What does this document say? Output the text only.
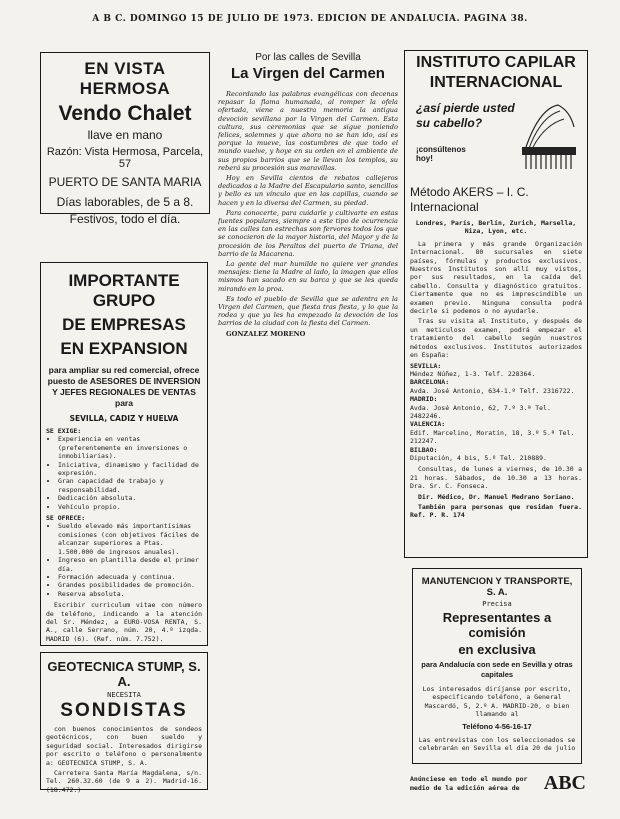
A B C. DOMINGO 15 DE JULIO DE 1973. EDICION DE ANDALUCIA. PAGINA 38.
EN VISTA HERMOSA
Vendo Chalet
llave en mano
Razón: Vista Hermosa, Parcela, 57
PUERTO DE SANTA MARIA
Días laborables, de 5 a 8.
Festivos, todo el día.
IMPORTANTE GRUPO
DE EMPRESAS
EN EXPANSION
para ampliar su red comercial, ofrece puesto de ASESORES DE INVERSION Y JEFES REGIONALES DE VENTAS para
SEVILLA, CADIZ Y HUELVA
SE EXIGE:
• Experiencia en ventas (preferentemente en inversiones o inmobiliarias).
• Iniciativa, dinamismo y facilidad de expresión.
• Gran capacidad de trabajo y responsabilidad.
• Dedicación absoluta.
• Vehículo propio.
SE OFRECE:
• Sueldo elevado más importantísimas comisiones (con objetivos fáciles de alcanzar superiores a Ptas. 1.500.000 de ingresos anuales).
• Ingreso en plantilla desde el primer día.
• Formación adecuada y continua.
• Grandes posibilidades de promoción.
• Reserva absoluta.

Escribir curriculum vitae con número de teléfono, indicando a la atención del Sr. Méndez, a EURO-VOSA RENTA, S. A., calle Serrano, núm. 20, 4.º izqda. MADRID (6). (Ref. núm. 7.752).

GEOTECNICA STUMP, S. A.
NECESITA
SONDISTAS

con buenos conocimientos de sondeos geotécnicos, con buen sueldo y seguridad social. Interesados dirigirse por escrito o teléfono o personalmente a: GEOTECNICA STUMP, S. A.

Carretera Santa María Magdalena, s/n. Tel. 260.32.60 (de 9 a 2). Madrid-16. (18.472.)

Por las calles de Sevilla
La Virgen del Carmen

Recordando las palabras evangélicas con decenas repasar la flama humanada, al romper la ofela ofertada, viene a nuestra memoria la antigua devoción sevillana por la Virgen del Carmen. Esta cultura, sus ceremonias que se sigue poniendo felices, solemnes y que ahora no se han ido, así es porque la mueve, las costumbres de que todo el mundo vuelve, y hoye en su orden en el ambiente de sus propios barrios que se le llevan los templos, su reberá su procesión sus maravillas.

Hoy en Sevilla cientos de rebatos callejeros dedicados a la Madre del Escapulario santo, sencillos y bello es un vínculo que en las capillas, cuando se hacen y en la diversa del Carmen, su piedad.

Para conocerte, para cuidarle y cultivarte en estas fuentes populares, siempre a este tipo de ocurrencia en las calles tan estrechas son fervores todos los que se conocieron de la mayor historia, del Mayor y de la procesión de los Peraltos del puerto de Triana, del barrio de la Macarena.

La gente del mar humilde no quiere ver grandes mensajes: tiene la Madre al lado, la imagen que ellos mismos han sacado en su barca y que se les queda mirando en la proa.

Es todo el pueblo de Sevilla que se adentra en la Virgen del Carmen, que fiesta tras fiesta, y lo que la rodea y que ya les ha empezado la devoción de los barrios de la ciudad con la fiesta del Carmen.

GONZALEZ MORENO

INSTITUTO CAPILAR INTERNACIONAL
¿así pierde usted su cabello?
¡consúltenos hoy!
Método AKERS – I. C. Internacional
Londres, París, Berlín, Zurich, Marsella, Niza, Lyon, etc.

La primera y más grande Organización Internacional. 80 sucursales en siete países, fórmulas y productos exclusivos. Nuestros Institutos son allí muy vistos, por sus resultados, en la caída del cabello. Consulta y diagnóstico gratuitos. Ciertamente que no es imprescindible un examen previo. Ninguna consulta podrá decirle si podemos o no ayudarle.

Tras su visita al Instituto, y después de un meticuloso examen, podrá empezar el tratamiento del cabello según nuestros métodos exclusivos. Institutos autorizados en España:

SEVILLA:
Méndez Núñez, 1-3. Telf. 228364.
BARCELONA:
Avda. José Antonio, 634-1.º Telf. 2316722.
MADRID:
Avda. José Antonio, 62, 7.º 3.ª Tel. 2482246.
VALENCIA:
Edif. Marcelino, Moratín, 18, 3.º 5.ª Tel. 212247.
BILBAO:
Diputación, 4 bis, 5.º Tel. 210889.

Consultas, de lunes a viernes, de 10.30 a 21 horas. Sábados, de 10.30 a 13 horas. Dra. Sr. C. Fonseca.

Dir. Médico, Dr. Manuel Medrano Soriano.

También para personas que residan fuera. Ref. P. R. 174

MANUTENCION Y TRANSPORTE, S. A.
Precisa
Representantes a comisión
en exclusiva
para Andalucía con sede en Sevilla y otras capitales
Los interesados diríjanse por escrito, especificando teléfono, a General Mascardó, 5, 2.º A. MADRID-20, o bien llamando al
Teléfono 4-56-16-17
Las entrevistas con los seleccionados se celebrarán en Sevilla el día 20 de julio
Anúnciese en todo el mundo por medio de la edición aérea de	ABC
